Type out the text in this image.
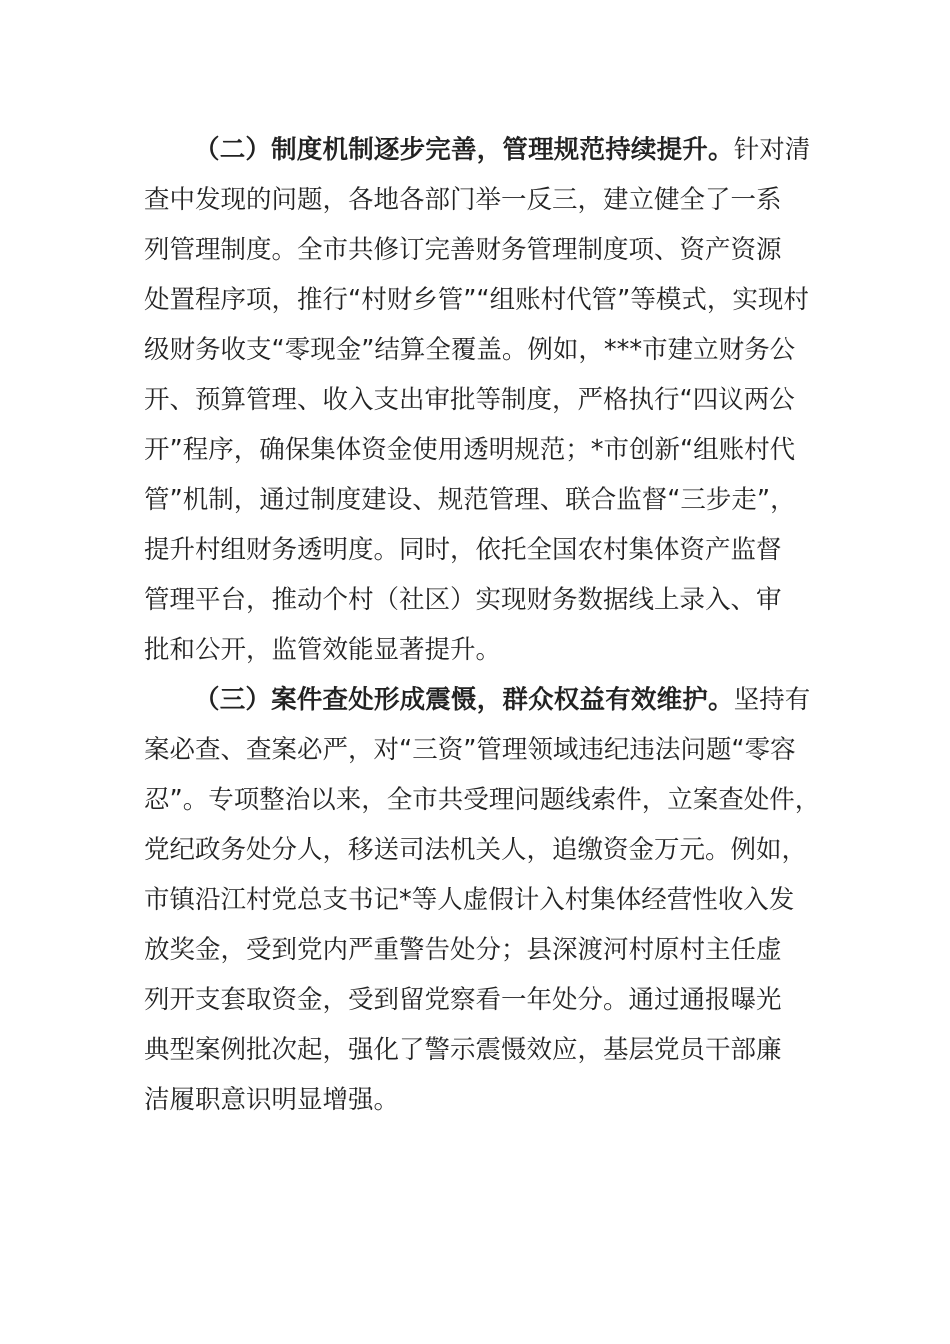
（二）制度机制逐步完善，管理规范持续提升。针对清
查中发现的问题，各地各部门举一反三，建立健全了一系
列管理制度。全市共修订完善财务管理制度项、资产资源
处置程序项，推行“村财乡管”“组账村代管”等模式，实现村
级财务收支“零现金”结算全覆盖。例如，***市建立财务公
开、预算管理、收入支出审批等制度，严格执行“四议两公
开”程序，确保集体资金使用透明规范；*市创新“组账村代
管”机制，通过制度建设、规范管理、联合监督“三步走”，
提升村组财务透明度。同时，依托全国农村集体资产监督
管理平台，推动个村（社区）实现财务数据线上录入、审
批和公开，监管效能显著提升。
（三）案件查处形成震慑，群众权益有效维护。坚持有
案必查、查案必严，对“三资”管理领域违纪违法问题“零容
忍”。专项整治以来，全市共受理问题线索件，立案查处件，
党纪政务处分人，移送司法机关人，追缴资金万元。例如，
市镇沿江村党总支书记*等人虚假计入村集体经营性收入发
放奖金，受到党内严重警告处分；县深渡河村原村主任虚
列开支套取资金，受到留党察看一年处分。通过通报曝光
典型案例批次起，强化了警示震慑效应，基层党员干部廉
洁履职意识明显增强。
